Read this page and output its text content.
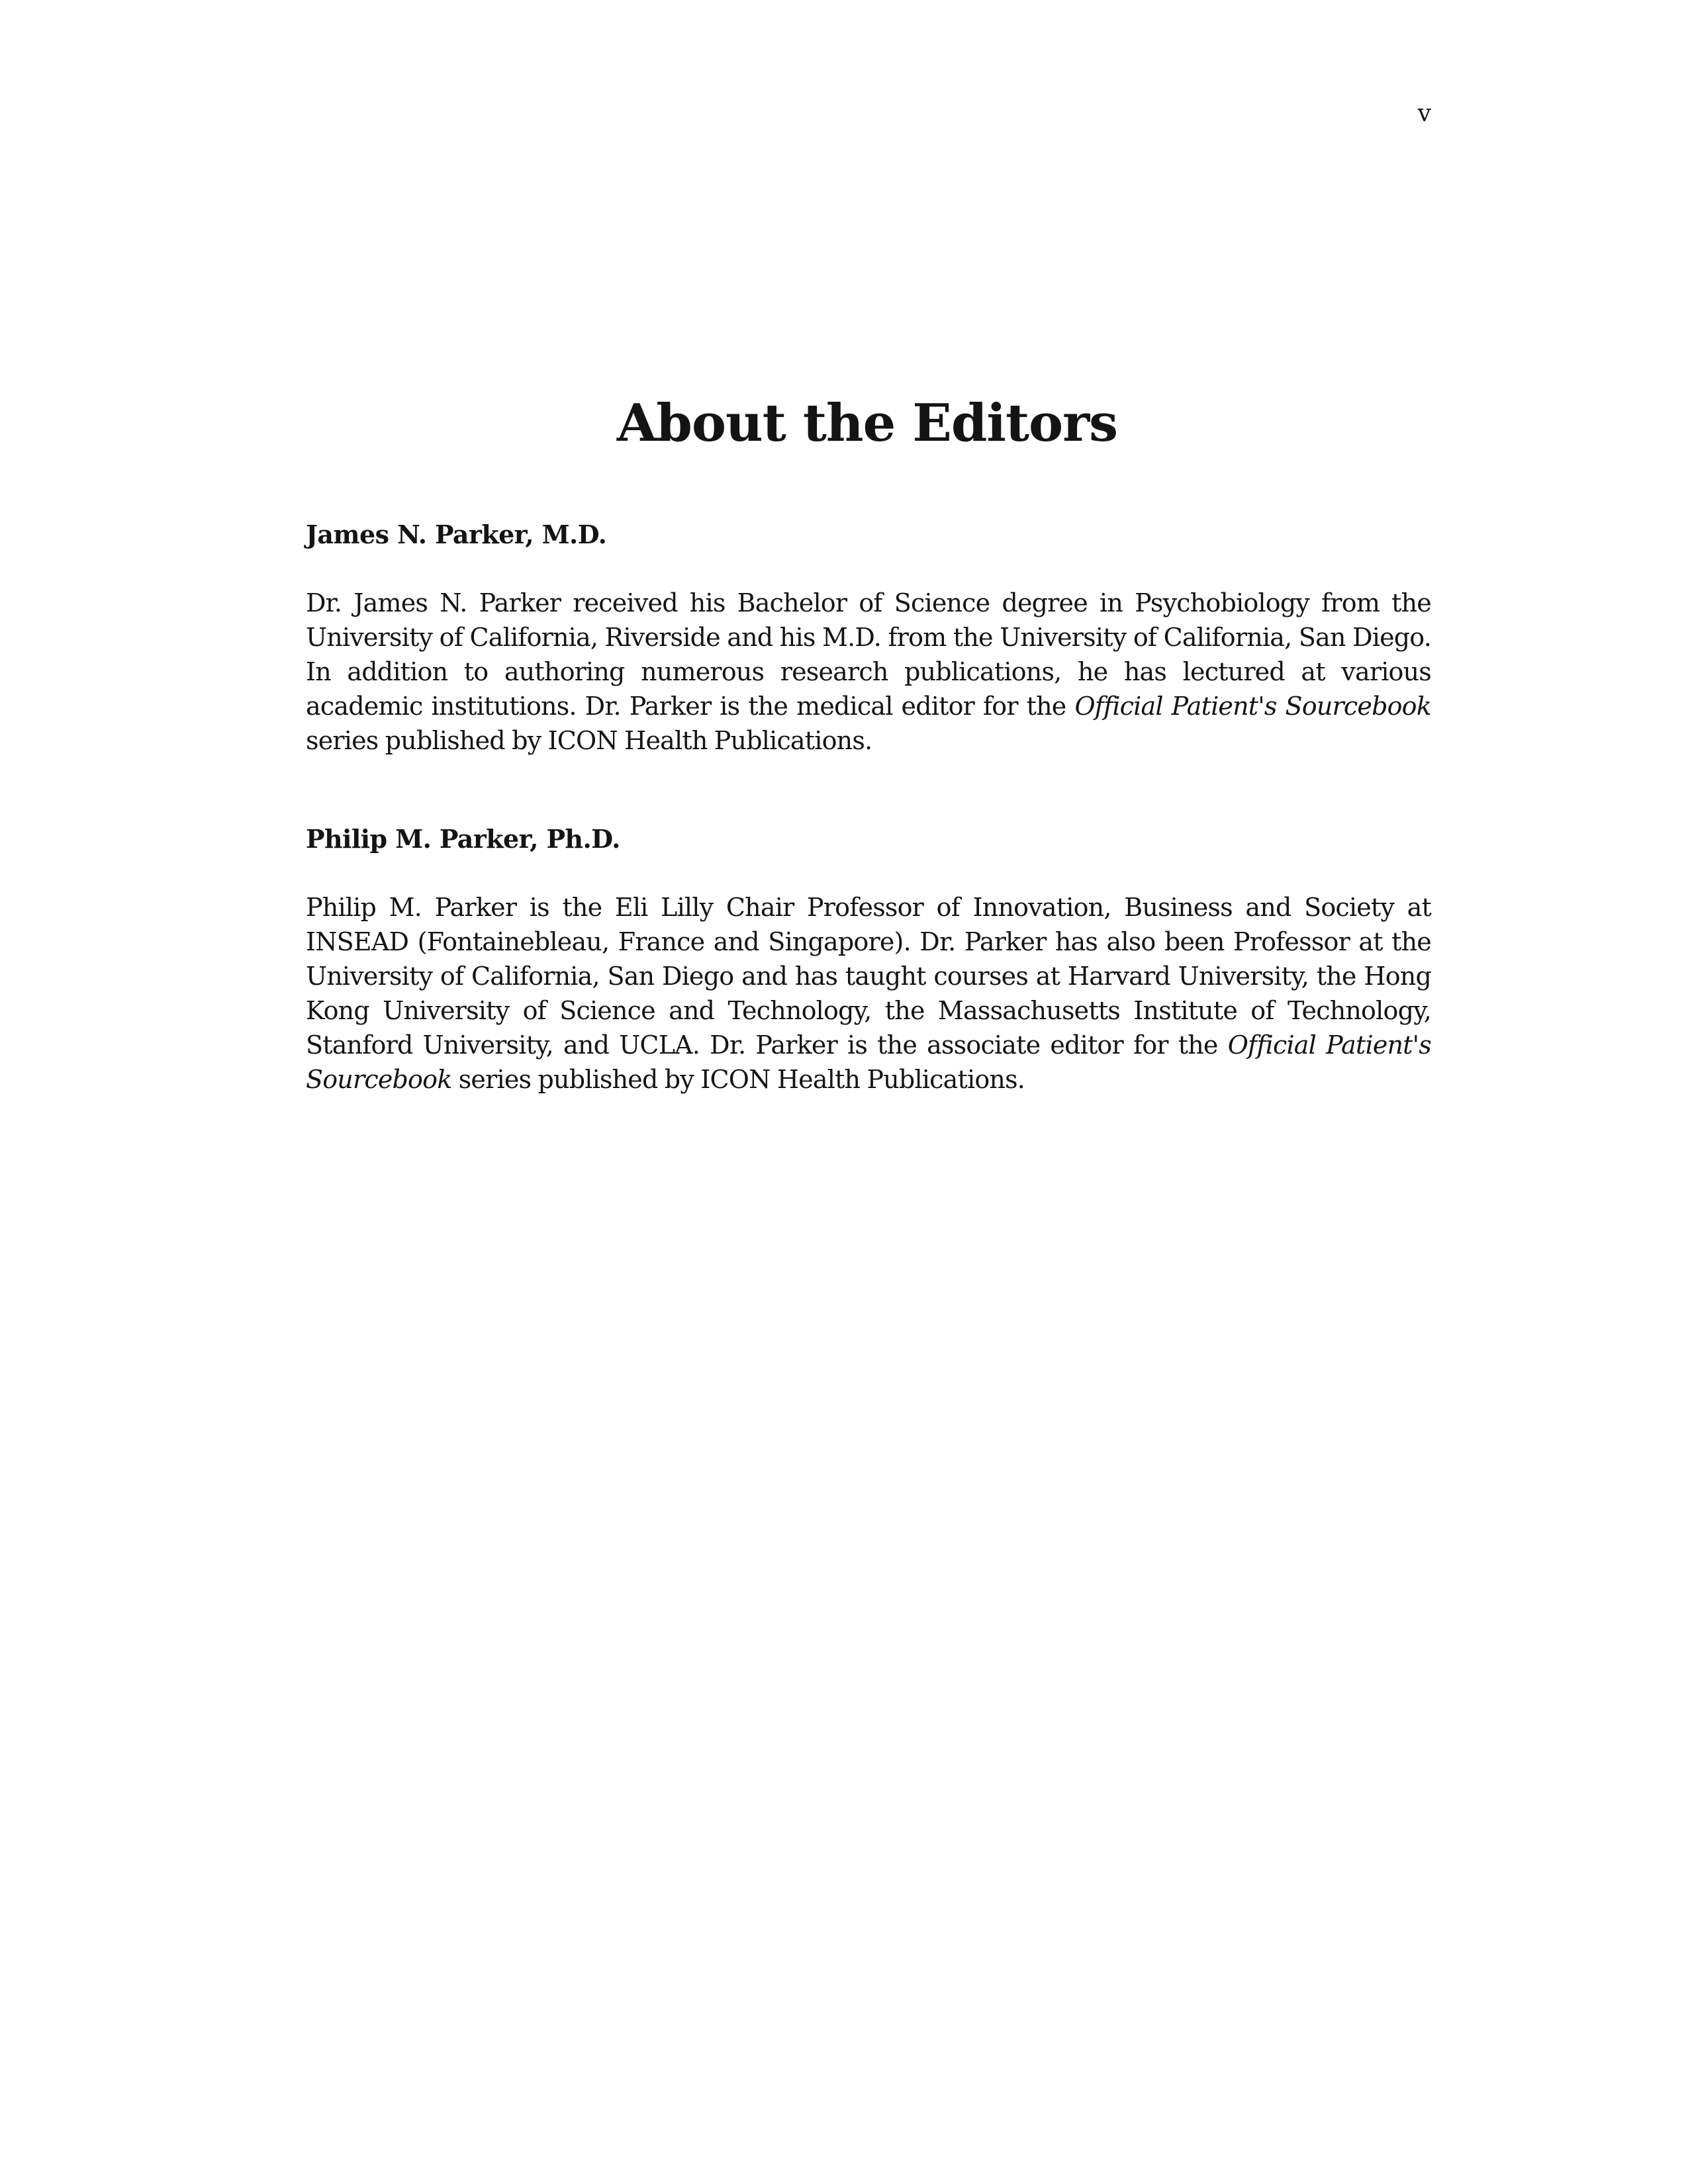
v
About the Editors

James N. Parker, M.D.

Dr. James N. Parker received his Bachelor of Science degree in Psychobiology from the University of California, Riverside and his M.D. from the University of California, San Diego. In addition to authoring numerous research publications, he has lectured at various academic institutions. Dr. Parker is the medical editor for the Official Patient's Sourcebook series published by ICON Health Publications.

Philip M. Parker, Ph.D.

Philip M. Parker is the Eli Lilly Chair Professor of Innovation, Business and Society at INSEAD (Fontainebleau, France and Singapore). Dr. Parker has also been Professor at the University of California, San Diego and has taught courses at Harvard University, the Hong Kong University of Science and Technology, the Massachusetts Institute of Technology, Stanford University, and UCLA. Dr. Parker is the associate editor for the Official Patient's Sourcebook series published by ICON Health Publications.
